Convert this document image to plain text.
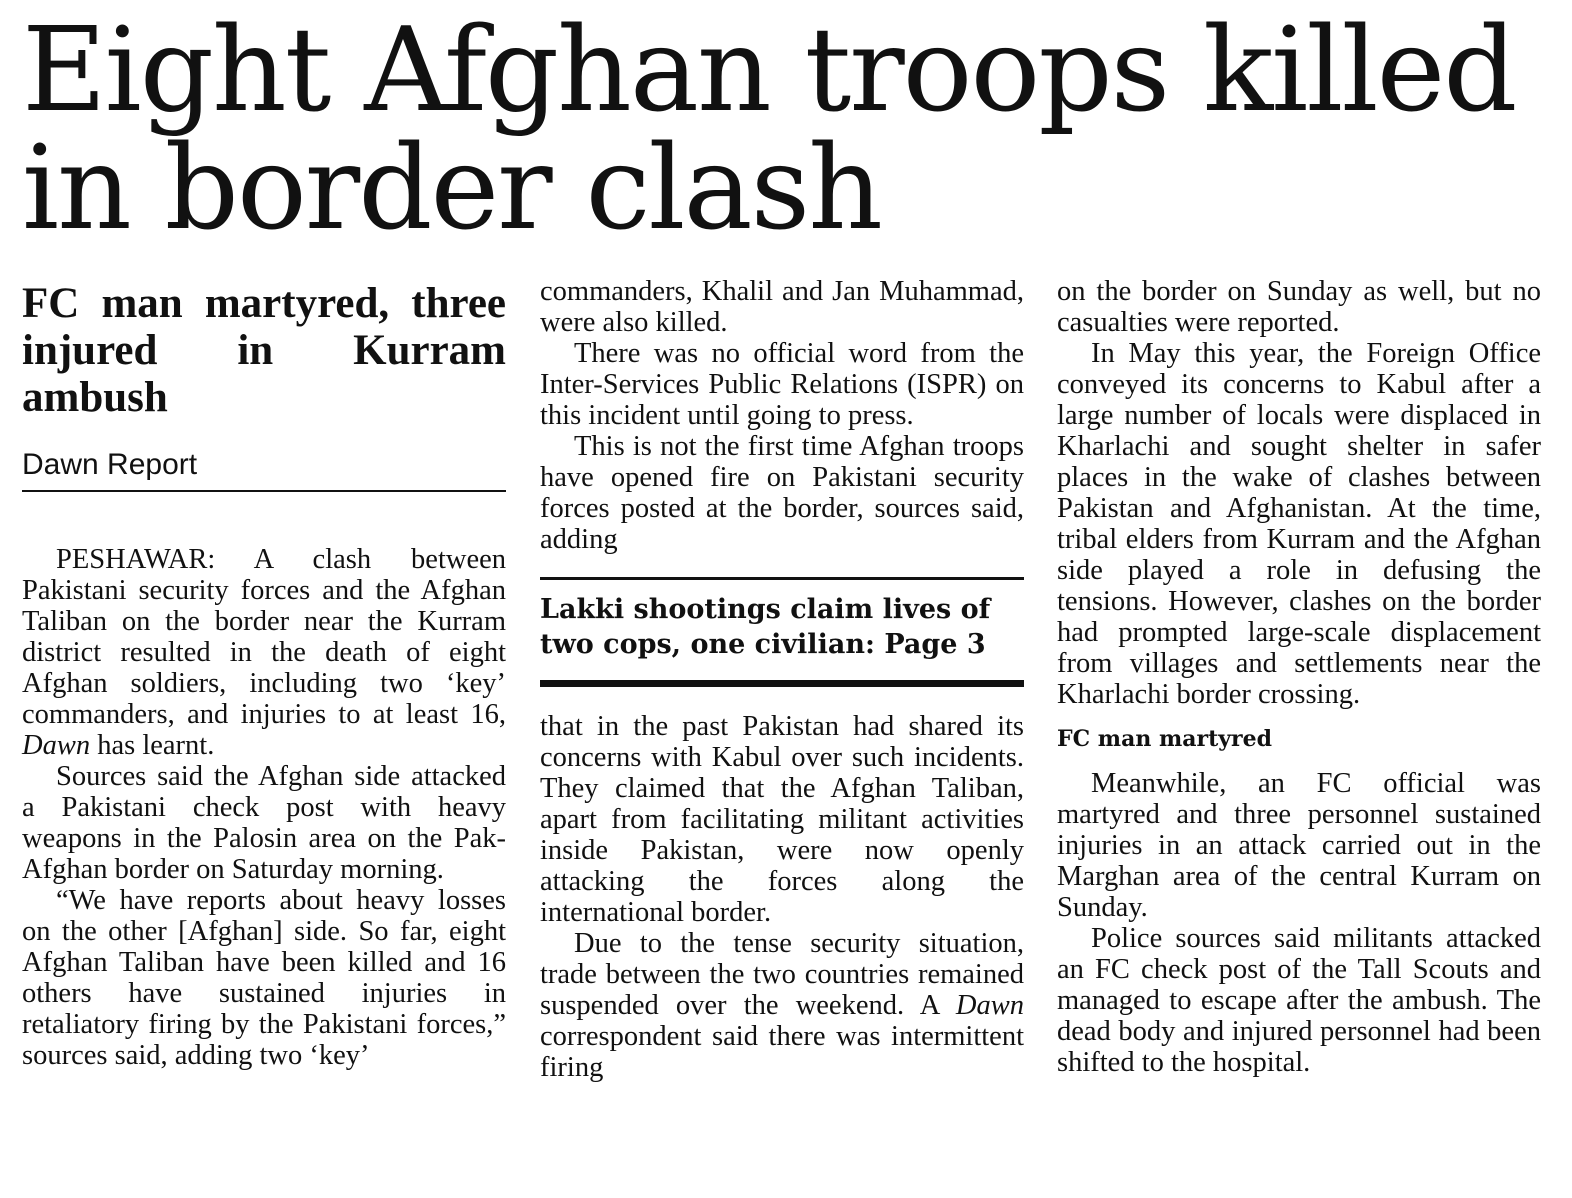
Eight Afghan troops killed in border clash
FC man martyred, three injured in Kurram ambush
Dawn Report

PESHAWAR: A clash between Pakistani security forces and the Afghan Taliban on the border near the Kurram district resulted in the death of eight Afghan soldiers, including two ‘key’ commanders, and injuries to at least 16, Dawn has learnt.

Sources said the Afghan side attacked a Pakistani check post with heavy weapons in the Palosin area on the Pak-Afghan border on Saturday morning.

“We have reports about heavy losses on the other [Afghan] side. So far, eight Afghan Taliban have been killed and 16 others have sustained injuries in retaliatory firing by the Pakistani forces,” sources said, adding two ‘key’

commanders, Khalil and Jan Muhammad, were also killed.

There was no official word from the Inter-Services Public Relations (ISPR) on this incident until going to press.

This is not the first time Afghan troops have opened fire on Pakistani security forces posted at the border, sources said, adding

Lakki shootings claim lives of two cops, one civilian: Page 3

that in the past Pakistan had shared its concerns with Kabul over such incidents. They claimed that the Afghan Taliban, apart from facilitating militant activities inside Pakistan, were now openly attacking the forces along the international border.

Due to the tense security situation, trade between the two countries remained suspended over the weekend. A Dawn correspondent said there was intermittent firing

on the border on Sunday as well, but no casualties were reported.

In May this year, the Foreign Office conveyed its concerns to Kabul after a large number of locals were displaced in Kharlachi and sought shelter in safer places in the wake of clashes between Pakistan and Afghanistan. At the time, tribal elders from Kurram and the Afghan side played a role in defusing the tensions. However, clashes on the border had prompted large-scale displacement from villages and settlements near the Kharlachi border crossing.

FC man martyred

Meanwhile, an FC official was martyred and three personnel sustained injuries in an attack carried out in the Marghan area of the central Kurram on Sunday.

Police sources said militants attacked an FC check post of the Tall Scouts and managed to escape after the ambush. The dead body and injured personnel had been shifted to the hospital.
